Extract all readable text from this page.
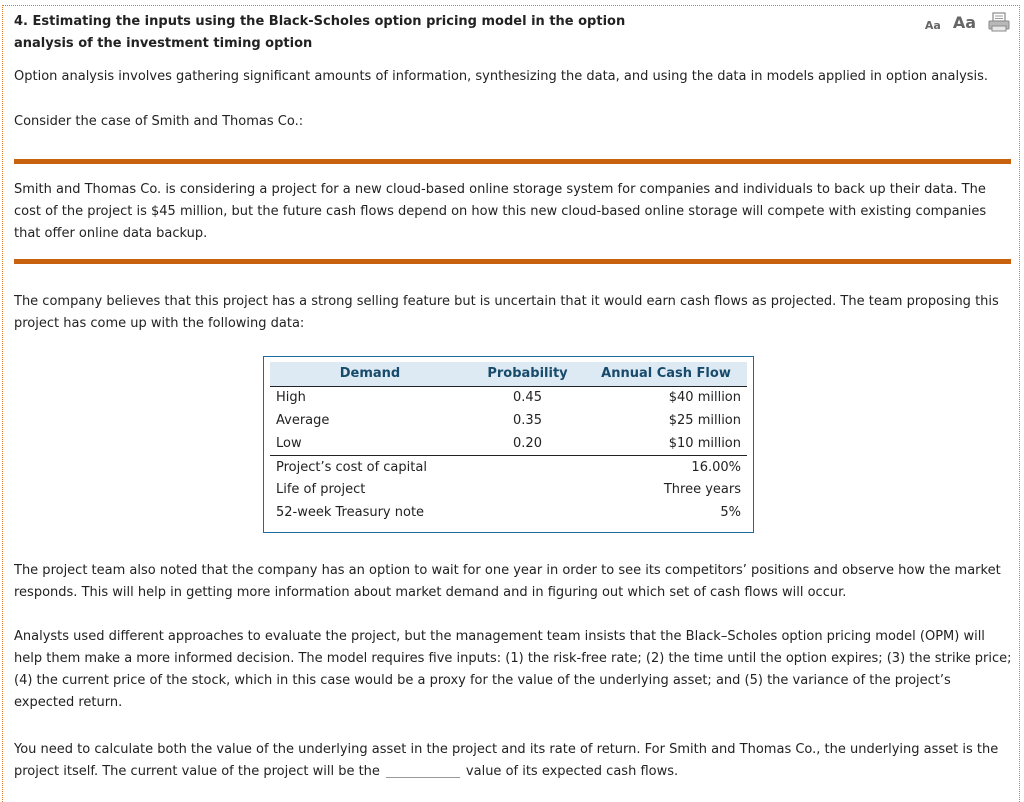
4. Estimating the inputs using the Black-Scholes option pricing model in the option
analysis of the investment timing option
Aa Aa
Option analysis involves gathering significant amounts of information, synthesizing the data, and using the data in models applied in option analysis.
Consider the case of Smith and Thomas Co.:
Smith and Thomas Co. is considering a project for a new cloud-based online storage system for companies and individuals to back up their data. The cost of the project is $45 million, but the future cash flows depend on how this new cloud-based online storage will compete with existing companies that offer online data backup.
The company believes that this project has a strong selling feature but is uncertain that it would earn cash flows as projected. The team proposing this project has come up with the following data:
Demand	Probability	Annual Cash Flow
High	0.45	$40 million
Average	0.35	$25 million
Low	0.20	$10 million
Project’s cost of capital		16.00%
Life of project		Three years
52-week Treasury note		5%
The project team also noted that the company has an option to wait for one year in order to see its competitors’ positions and observe how the market responds. This will help in getting more information about market demand and in figuring out which set of cash flows will occur.
Analysts used different approaches to evaluate the project, but the management team insists that the Black–Scholes option pricing model (OPM) will help them make a more informed decision. The model requires five inputs: (1) the risk-free rate; (2) the time until the option expires; (3) the strike price; (4) the current price of the stock, which in this case would be a proxy for the value of the underlying asset; and (5) the variance of the project’s expected return.
You need to calculate both the value of the underlying asset in the project and its rate of return. For Smith and Thomas Co., the underlying asset is the project itself. The current value of the project will be the	value of its expected cash flows.
